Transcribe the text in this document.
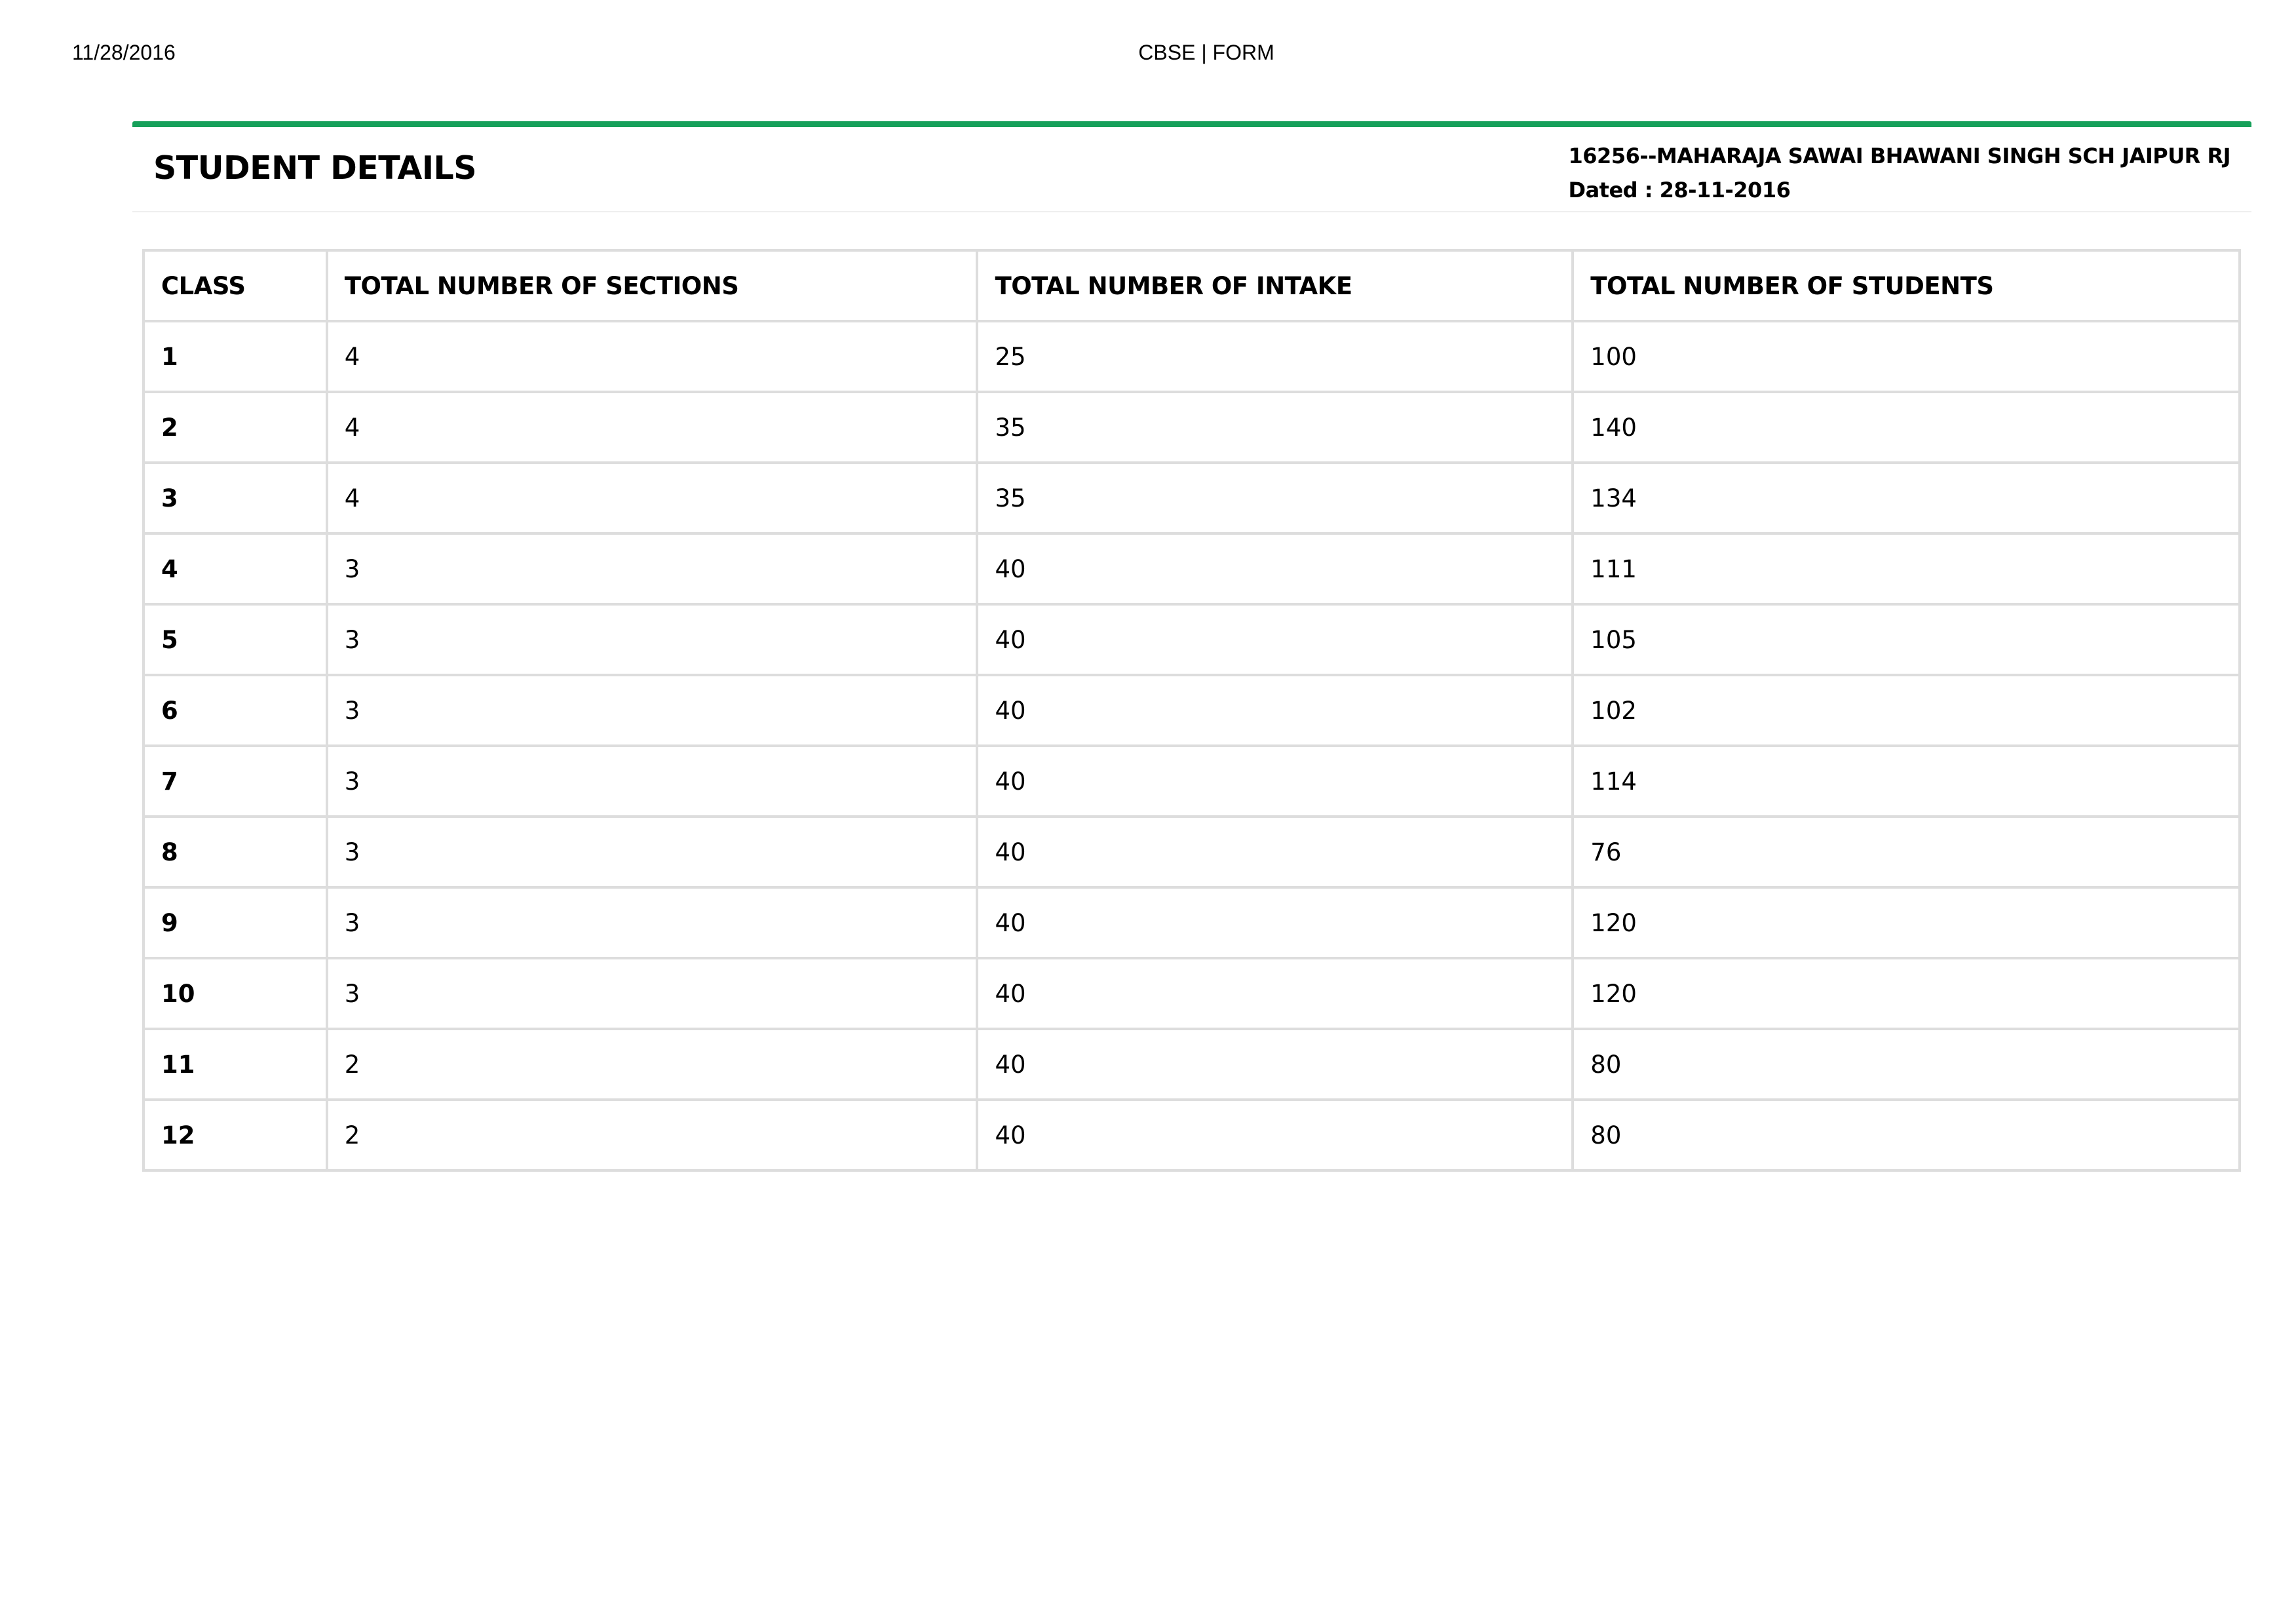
11/28/2016	CBSE | FORM
STUDENT DETAILS	16256--MAHARAJA SAWAI BHAWANI SINGH SCH JAIPUR RJ
Dated : 28-11-2016
CLASS	TOTAL NUMBER OF SECTIONS	TOTAL NUMBER OF INTAKE	TOTAL NUMBER OF STUDENTS
1	4	25	100
2	4	35	140
3	4	35	134
4	3	40	111
5	3	40	105
6	3	40	102
7	3	40	114
8	3	40	76
9	3	40	120
10	3	40	120
11	2	40	80
12	2	40	80
